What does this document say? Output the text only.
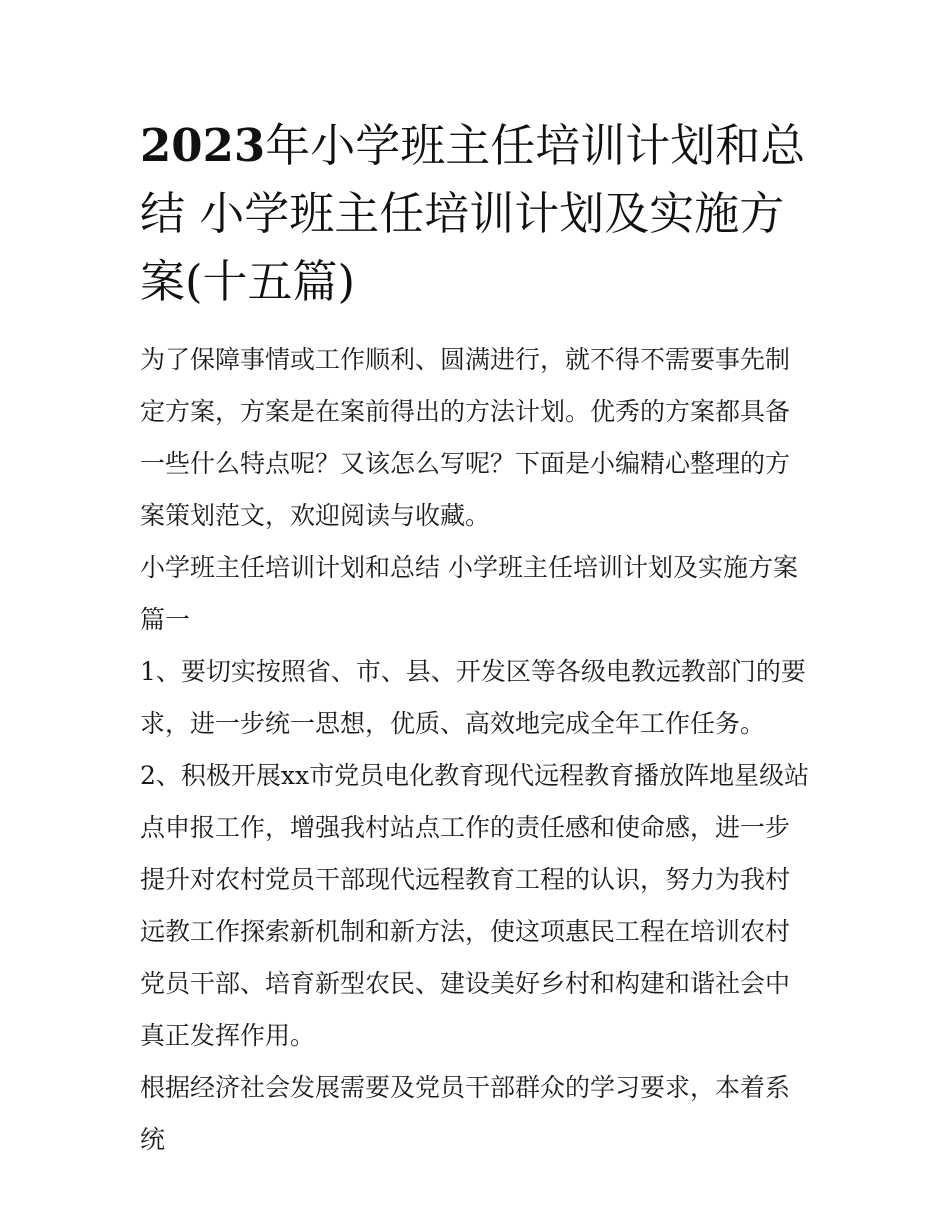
2023年小学班主任培训计划和总结 小学班主任培训计划及实施方案(十五篇)

为了保障事情或工作顺利、圆满进行，就不得不需要事先制定方案，方案是在案前得出的方法计划。优秀的方案都具备一些什么特点呢？又该怎么写呢？下面是小编精心整理的方案策划范文，欢迎阅读与收藏。

小学班主任培训计划和总结 小学班主任培训计划及实施方案篇一

1、要切实按照省、市、县、开发区等各级电教远教部门的要求，进一步统一思想，优质、高效地完成全年工作任务。

2、积极开展xx市党员电化教育现代远程教育播放阵地星级站点申报工作，增强我村站点工作的责任感和使命感，进一步提升对农村党员干部现代远程教育工程的认识，努力为我村远教工作探索新机制和新方法，使这项惠民工程在培训农村党员干部、培育新型农民、建设美好乡村和构建和谐社会中真正发挥作用。

根据经济社会发展需要及党员干部群众的学习要求，本着系统
